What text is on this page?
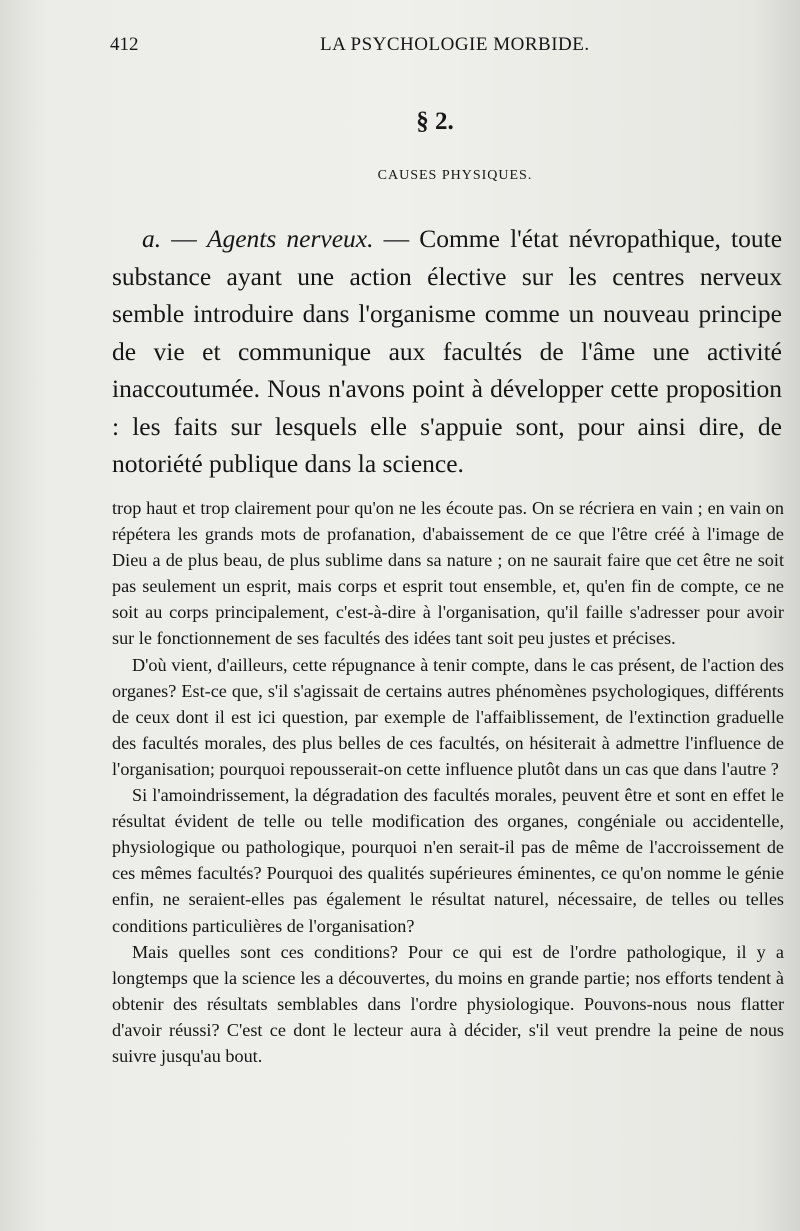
412	LA PSYCHOLOGIE MORBIDE.
§ 2.
CAUSES PHYSIQUES.

a. — Agents nerveux. — Comme l'état névropathique, toute substance ayant une action élective sur les centres nerveux semble introduire dans l'organisme comme un nouveau principe de vie et communique aux facultés de l'âme une activité inaccoutumée. Nous n'avons point à développer cette proposition : les faits sur lesquels elle s'appuie sont, pour ainsi dire, de notoriété publique dans la science.

trop haut et trop clairement pour qu'on ne les écoute pas. On se récriera en vain ; en vain on répétera les grands mots de profanation, d'abaissement de ce que l'être créé à l'image de Dieu a de plus beau, de plus sublime dans sa nature ; on ne saurait faire que cet être ne soit pas seulement un esprit, mais corps et esprit tout ensemble, et, qu'en fin de compte, ce ne soit au corps principalement, c'est-à-dire à l'organisation, qu'il faille s'adresser pour avoir sur le fonctionnement de ses facultés des idées tant soit peu justes et précises.

D'où vient, d'ailleurs, cette répugnance à tenir compte, dans le cas présent, de l'action des organes? Est-ce que, s'il s'agissait de certains autres phénomènes psychologiques, différents de ceux dont il est ici question, par exemple de l'affaiblissement, de l'extinction graduelle des facultés morales, des plus belles de ces facultés, on hésiterait à admettre l'influence de l'organisation; pourquoi repousserait-on cette influence plutôt dans un cas que dans l'autre ?

Si l'amoindrissement, la dégradation des facultés morales, peuvent être et sont en effet le résultat évident de telle ou telle modification des organes, congéniale ou accidentelle, physiologique ou pathologique, pourquoi n'en serait-il pas de même de l'accroissement de ces mêmes facultés? Pourquoi des qualités supérieures éminentes, ce qu'on nomme le génie enfin, ne seraient-elles pas également le résultat naturel, nécessaire, de telles ou telles conditions particulières de l'organisation?

Mais quelles sont ces conditions? Pour ce qui est de l'ordre pathologique, il y a longtemps que la science les a découvertes, du moins en grande partie; nos efforts tendent à obtenir des résultats semblables dans l'ordre physiologique. Pouvons-nous nous flatter d'avoir réussi? C'est ce dont le lecteur aura à décider, s'il veut prendre la peine de nous suivre jusqu'au bout.
